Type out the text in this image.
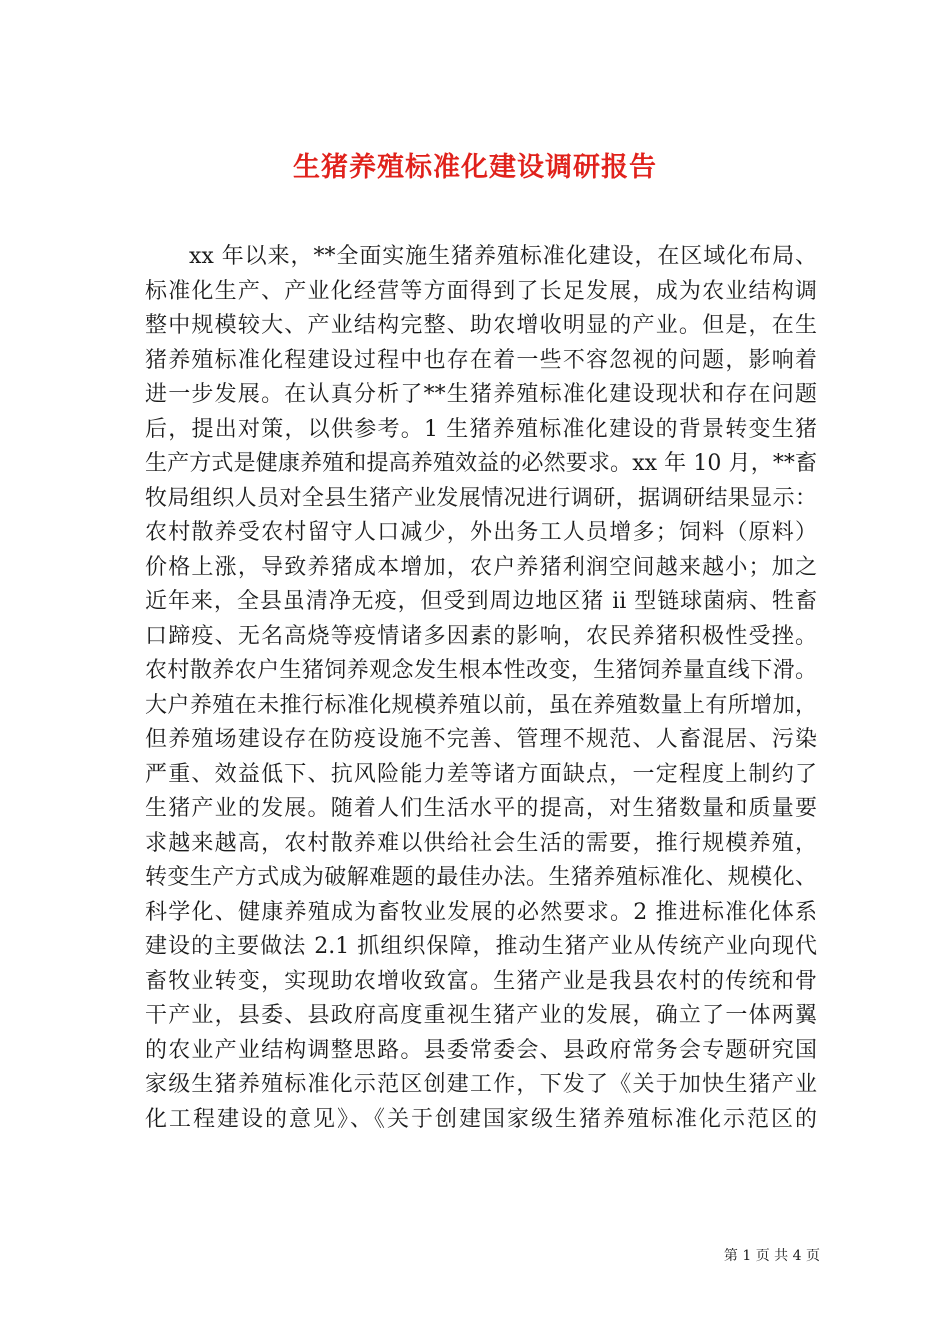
生猪养殖标准化建设调研报告
xx 年以来，**全面实施生猪养殖标准化建设，在区域化布局、
标准化生产、产业化经营等方面得到了长足发展，成为农业结构调
整中规模较大、产业结构完整、助农增收明显的产业。但是，在生
猪养殖标准化程建设过程中也存在着一些不容忽视的问题，影响着
进一步发展。在认真分析了**生猪养殖标准化建设现状和存在问题
后，提出对策，以供参考。1 生猪养殖标准化建设的背景转变生猪
生产方式是健康养殖和提高养殖效益的必然要求。xx 年 10 月，**畜
牧局组织人员对全县生猪产业发展情况进行调研，据调研结果显示：
农村散养受农村留守人口减少，外出务工人员增多；饲料（原料）
价格上涨，导致养猪成本增加，农户养猪利润空间越来越小；加之
近年来，全县虽清净无疫，但受到周边地区猪 ii 型链球菌病、牲畜
口蹄疫、无名高烧等疫情诸多因素的影响，农民养猪积极性受挫。
农村散养农户生猪饲养观念发生根本性改变，生猪饲养量直线下滑。
大户养殖在未推行标准化规模养殖以前，虽在养殖数量上有所增加，
但养殖场建设存在防疫设施不完善、管理不规范、人畜混居、污染
严重、效益低下、抗风险能力差等诸方面缺点，一定程度上制约了
生猪产业的发展。随着人们生活水平的提高，对生猪数量和质量要
求越来越高，农村散养难以供给社会生活的需要，推行规模养殖，
转变生产方式成为破解难题的最佳办法。生猪养殖标准化、规模化、
科学化、健康养殖成为畜牧业发展的必然要求。2 推进标准化体系
建设的主要做法 2.1 抓组织保障，推动生猪产业从传统产业向现代
畜牧业转变，实现助农增收致富。生猪产业是我县农村的传统和骨
干产业，县委、县政府高度重视生猪产业的发展，确立了一体两翼
的农业产业结构调整思路。县委常委会、县政府常务会专题研究国
家级生猪养殖标准化示范区创建工作，下发了《关于加快生猪产业
化工程建设的意见》、《关于创建国家级生猪养殖标准化示范区的
第 1 页 共 4 页
